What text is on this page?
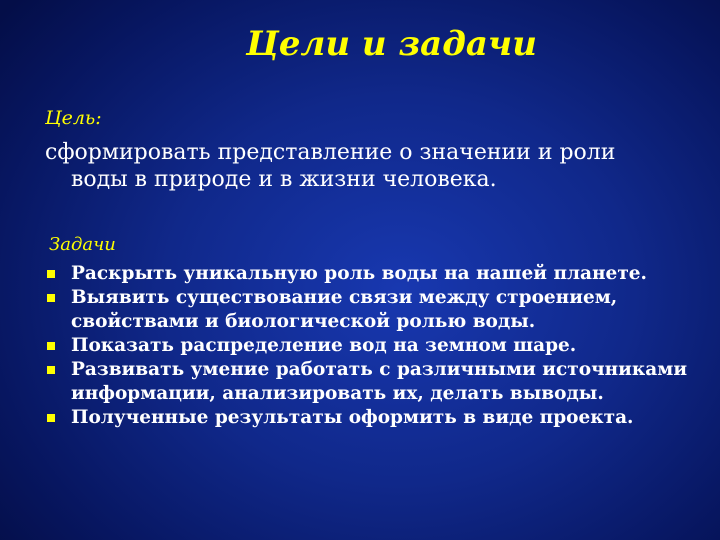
Цели и задачи
Цель:
сформировать представление о значении и роли
воды в природе и в жизни человека.
Задачи
Раскрыть уникальную роль воды на нашей планете.
Выявить существование связи между строением, свойствами и биологической ролью воды.
Показать распределение вод на земном шаре.
Развивать умение работать с различными источниками информации, анализировать их, делать выводы.
Полученные результаты оформить в виде проекта.
